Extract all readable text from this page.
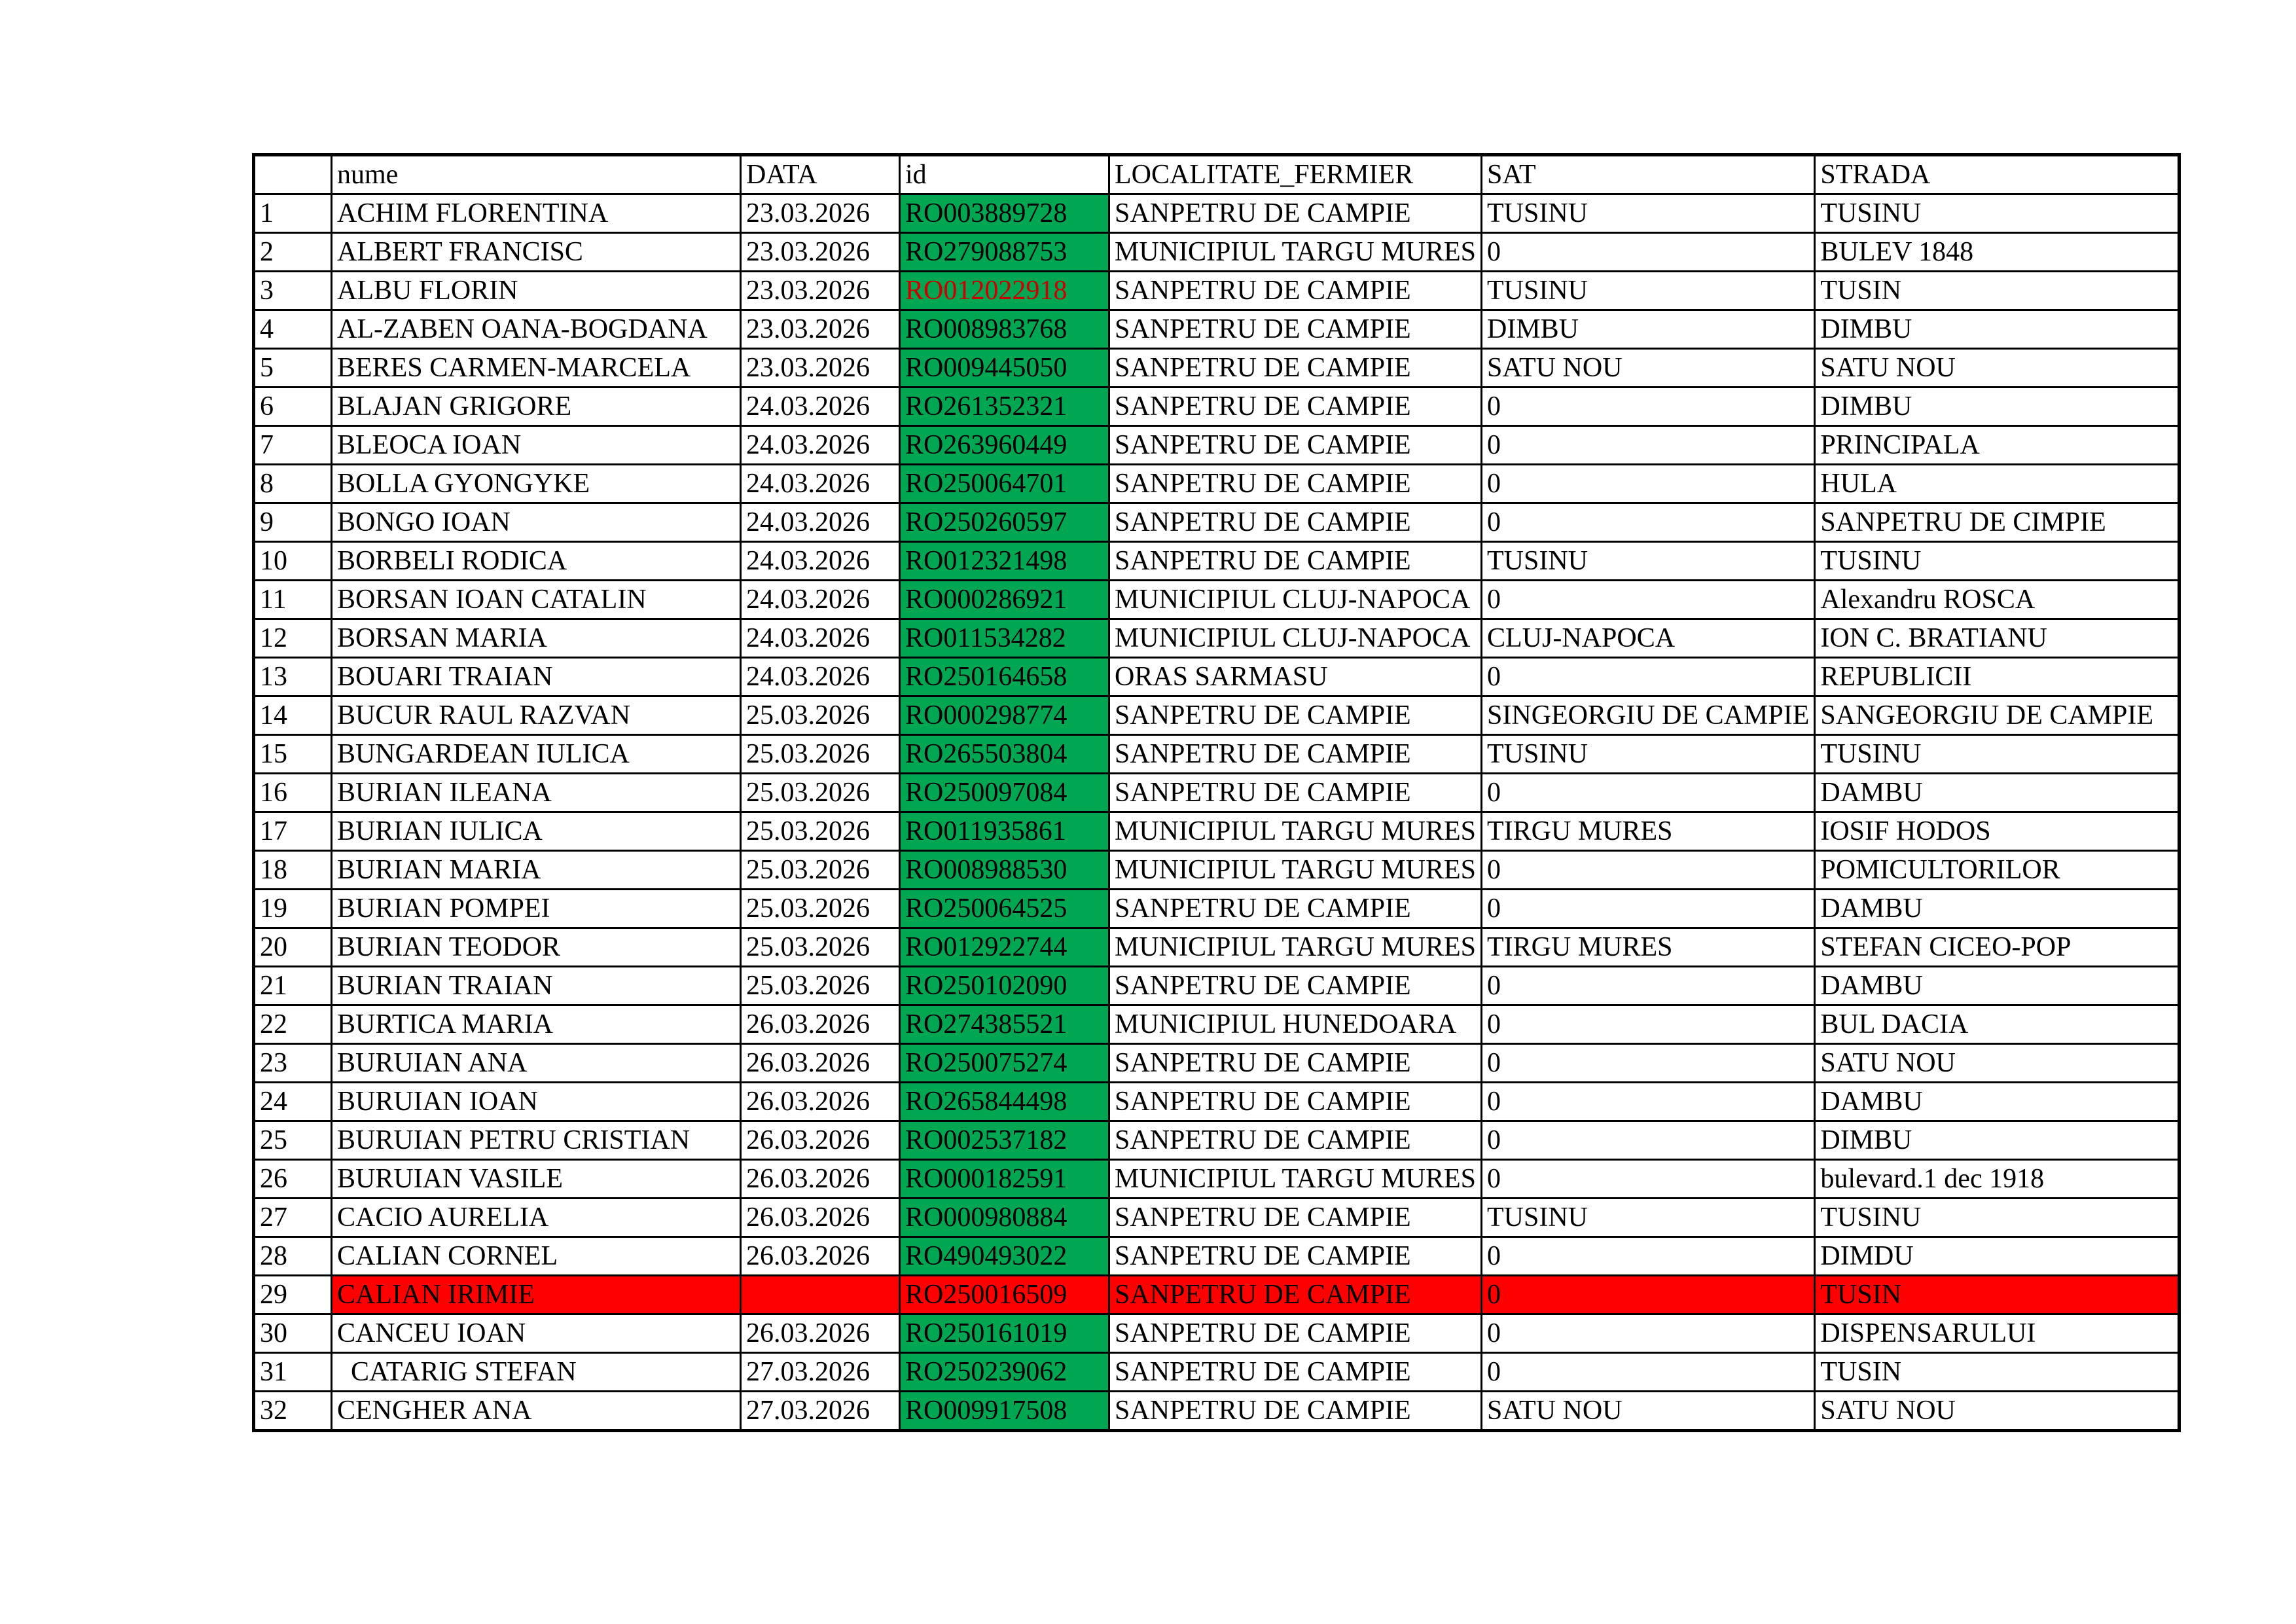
	nume	DATA	id	LOCALITATE_FERMIER	SAT	STRADA
1	ACHIM FLORENTINA	23.03.2026	RO003889728	SANPETRU DE CAMPIE	TUSINU	TUSINU
2	ALBERT FRANCISC	23.03.2026	RO279088753	MUNICIPIUL TARGU MURES	0	BULEV 1848
3	ALBU FLORIN	23.03.2026	RO012022918	SANPETRU DE CAMPIE	TUSINU	TUSIN
4	AL-ZABEN OANA-BOGDANA	23.03.2026	RO008983768	SANPETRU DE CAMPIE	DIMBU	DIMBU
5	BERES CARMEN-MARCELA	23.03.2026	RO009445050	SANPETRU DE CAMPIE	SATU NOU	SATU NOU
6	BLAJAN GRIGORE	24.03.2026	RO261352321	SANPETRU DE CAMPIE	0	DIMBU
7	BLEOCA IOAN	24.03.2026	RO263960449	SANPETRU DE CAMPIE	0	PRINCIPALA
8	BOLLA GYONGYKE	24.03.2026	RO250064701	SANPETRU DE CAMPIE	0	HULA
9	BONGO IOAN	24.03.2026	RO250260597	SANPETRU DE CAMPIE	0	SANPETRU DE CIMPIE
10	BORBELI RODICA	24.03.2026	RO012321498	SANPETRU DE CAMPIE	TUSINU	TUSINU
11	BORSAN IOAN CATALIN	24.03.2026	RO000286921	MUNICIPIUL CLUJ-NAPOCA	0	Alexandru ROSCA
12	BORSAN MARIA	24.03.2026	RO011534282	MUNICIPIUL CLUJ-NAPOCA	CLUJ-NAPOCA	ION C. BRATIANU
13	BOUARI TRAIAN	24.03.2026	RO250164658	ORAS SARMASU	0	REPUBLICII
14	BUCUR RAUL RAZVAN	25.03.2026	RO000298774	SANPETRU DE CAMPIE	SINGEORGIU DE CAMPIE	SANGEORGIU DE CAMPIE
15	BUNGARDEAN IULICA	25.03.2026	RO265503804	SANPETRU DE CAMPIE	TUSINU	TUSINU
16	BURIAN ILEANA	25.03.2026	RO250097084	SANPETRU DE CAMPIE	0	DAMBU
17	BURIAN IULICA	25.03.2026	RO011935861	MUNICIPIUL TARGU MURES	TIRGU MURES	IOSIF HODOS
18	BURIAN MARIA	25.03.2026	RO008988530	MUNICIPIUL TARGU MURES	0	POMICULTORILOR
19	BURIAN POMPEI	25.03.2026	RO250064525	SANPETRU DE CAMPIE	0	DAMBU
20	BURIAN TEODOR	25.03.2026	RO012922744	MUNICIPIUL TARGU MURES	TIRGU MURES	STEFAN CICEO-POP
21	BURIAN TRAIAN	25.03.2026	RO250102090	SANPETRU DE CAMPIE	0	DAMBU
22	BURTICA MARIA	26.03.2026	RO274385521	MUNICIPIUL HUNEDOARA	0	BUL DACIA
23	BURUIAN ANA	26.03.2026	RO250075274	SANPETRU DE CAMPIE	0	SATU NOU
24	BURUIAN IOAN	26.03.2026	RO265844498	SANPETRU DE CAMPIE	0	DAMBU
25	BURUIAN PETRU CRISTIAN	26.03.2026	RO002537182	SANPETRU DE CAMPIE	0	DIMBU
26	BURUIAN VASILE	26.03.2026	RO000182591	MUNICIPIUL TARGU MURES	0	bulevard.1 dec 1918
27	CACIO AURELIA	26.03.2026	RO000980884	SANPETRU DE CAMPIE	TUSINU	TUSINU
28	CALIAN CORNEL	26.03.2026	RO490493022	SANPETRU DE CAMPIE	0	DIMDU
29	CALIAN IRIMIE		RO250016509	SANPETRU DE CAMPIE	0	TUSIN
30	CANCEU IOAN	26.03.2026	RO250161019	SANPETRU DE CAMPIE	0	DISPENSARULUI
31	CATARIG STEFAN	27.03.2026	RO250239062	SANPETRU DE CAMPIE	0	TUSIN
32	CENGHER ANA	27.03.2026	RO009917508	SANPETRU DE CAMPIE	SATU NOU	SATU NOU
